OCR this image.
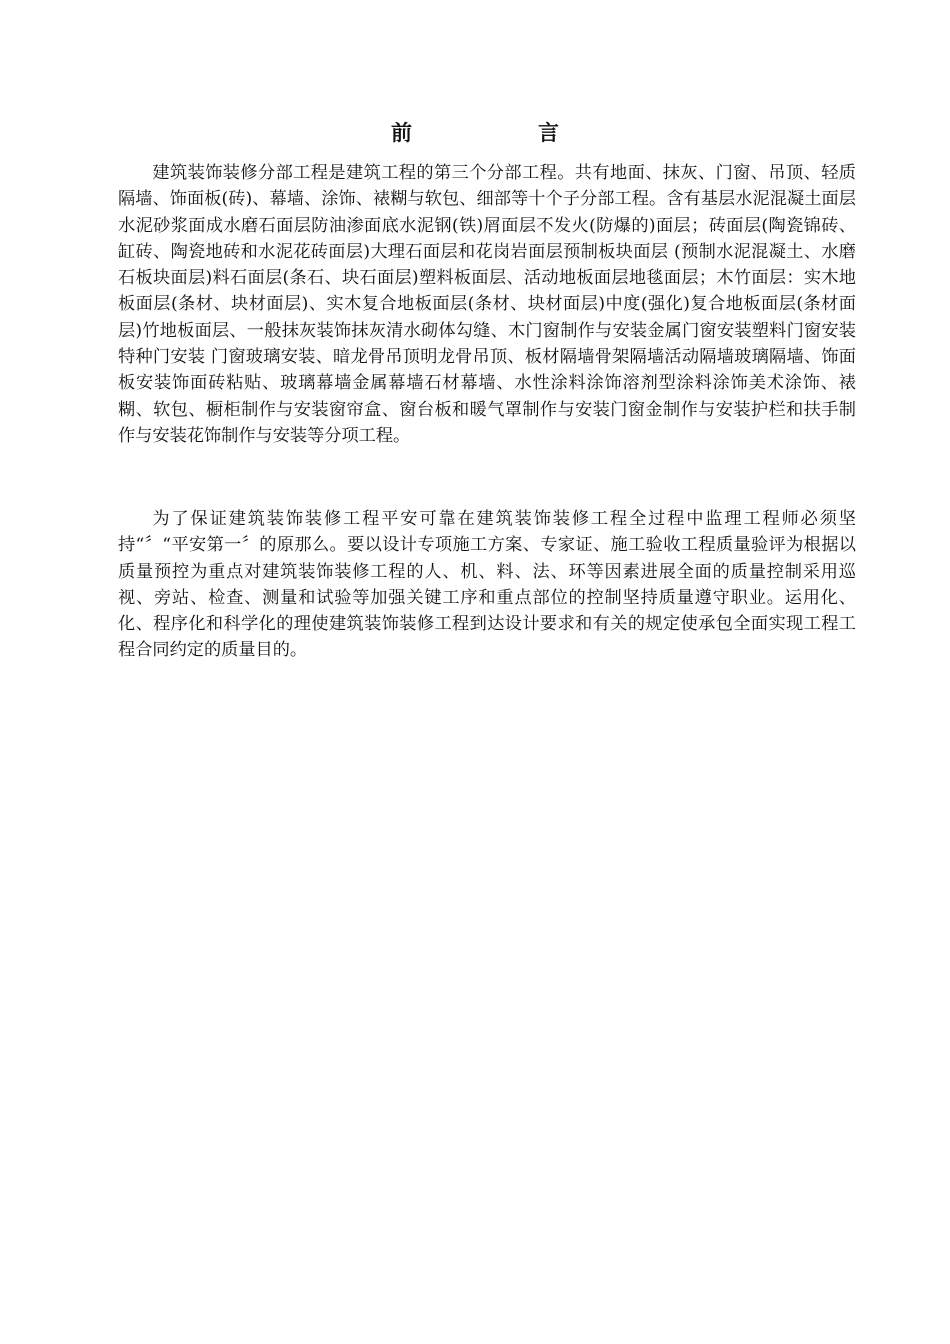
前　　言

建筑装饰装修分部工程是建筑工程的第三个分部工程。共有地面、抹灰、门窗、吊顶、轻质隔墙、饰面板(砖)、幕墙、涂饰、裱糊与软包、细部等十个子分部工程。含有基层水泥混凝土面层水泥砂浆面成水磨石面层防油渗面底水泥钢(铁)屑面层不发火(防爆的)面层；砖面层(陶瓷锦砖、缸砖、陶瓷地砖和水泥花砖面层)大理石面层和花岗岩面层预制板块面层 (预制水泥混凝土、水磨石板块面层)料石面层(条石、块石面层)塑料板面层、活动地板面层地毯面层；木竹面层：实木地板面层(条材、块材面层)、实木复合地板面层(条材、块材面层)中度(强化)复合地板面层(条材面层)竹地板面层、一般抹灰装饰抹灰清水砌体勾缝、木门窗制作与安装金属门窗安装塑料门窗安装特种门安装 门窗玻璃安装、暗龙骨吊顶明龙骨吊顶、板材隔墙骨架隔墙活动隔墙玻璃隔墙、饰面板安装饰面砖粘贴、玻璃幕墙金属幕墙石材幕墙、水性涂料涂饰溶剂型涂料涂饰美术涂饰、裱糊、软包、橱柜制作与安装窗帘盒、窗台板和暖气罩制作与安装门窗金制作与安装护栏和扶手制作与安装花饰制作与安装等分项工程。

为了保证建筑装饰装修工程平安可靠在建筑装饰装修工程全过程中监理工程师必须坚持“〞“平安第一〞的原那么。要以设计专项施工方案、专家证、施工验收工程质量验评为根据以质量预控为重点对建筑装饰装修工程的人、机、料、法、环等因素进展全面的质量控制采用巡视、旁站、检查、测量和试验等加强关键工序和重点部位的控制坚持质量遵守职业。运用化、化、程序化和科学化的理使建筑装饰装修工程到达设计要求和有关的规定使承包全面实现工程工程合同约定的质量目的。
